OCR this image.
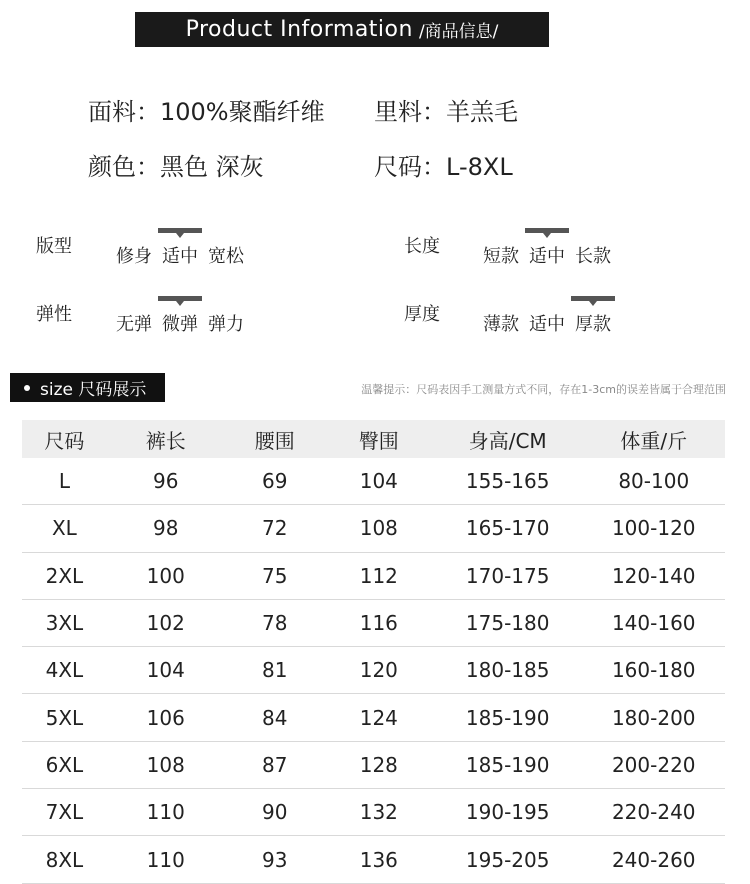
Product Information /商品信息/
面料：100%聚酯纤维 里料：羊羔毛
颜色：黑色 深灰	尺码：L-8XL
版型 修身 适中 宽松	长度 短款 适中 长款
弹性 无弹 微弹 弹力	厚度 薄款 适中 厚款
size 尺码展示	温馨提示：尺码表因手工测量方式不同，存在1-3cm的误差皆属于合理范围
尺码	裤长	腰围	臀围	身高/CM	体重/斤
L	96	69	104	155-165	80-100
XL	98	72	108	165-170	100-120
2XL	100	75	112	170-175	120-140
3XL	102	78	116	175-180	140-160
4XL	104	81	120	180-185	160-180
5XL	106	84	124	185-190	180-200
6XL	108	87	128	185-190	200-220
7XL	110	90	132	190-195	220-240
8XL	110	93	136	195-205	240-260
